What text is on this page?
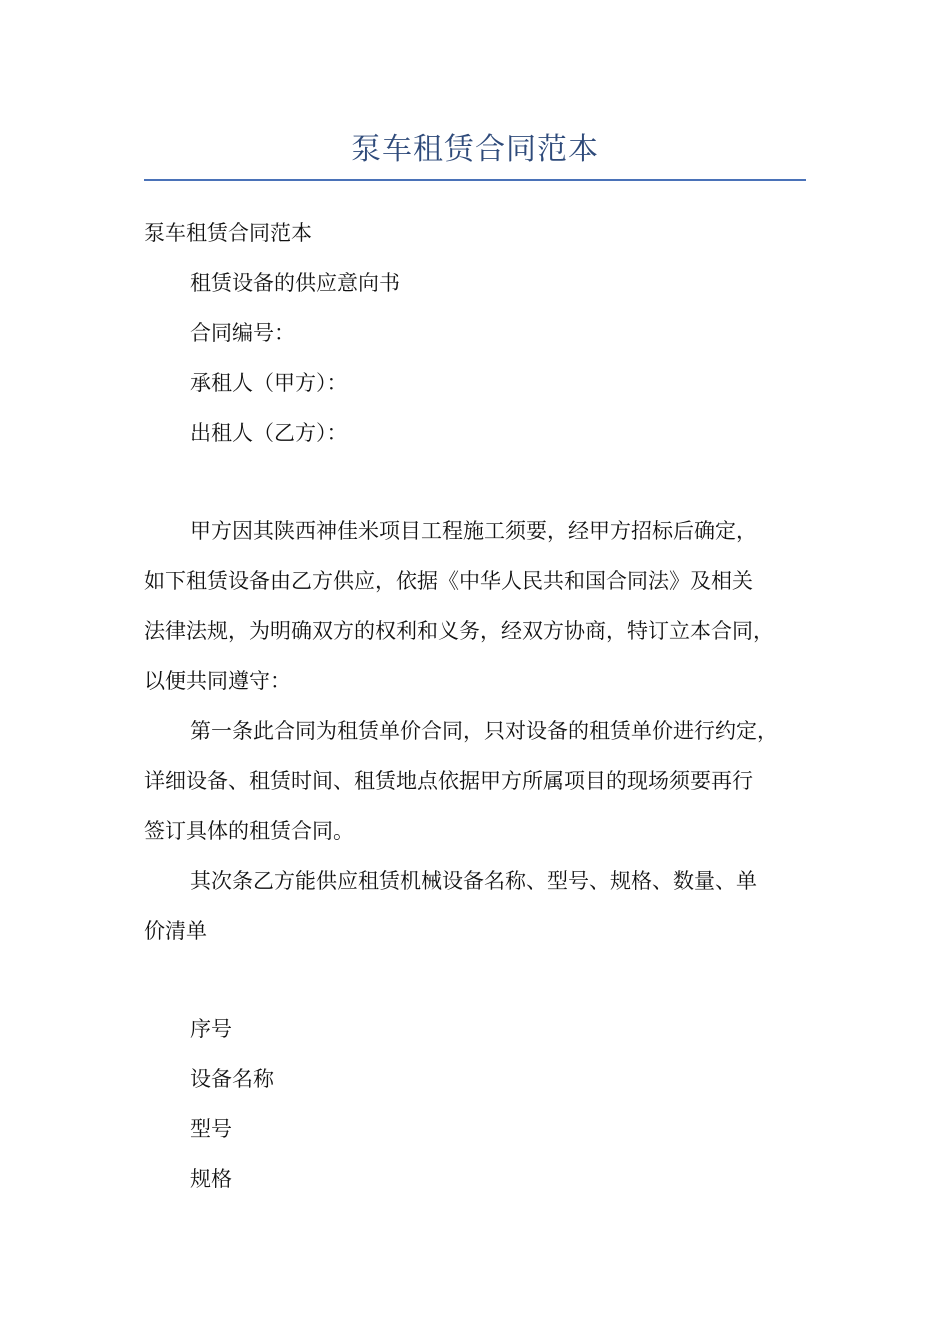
泵车租赁合同范本
泵车租赁合同范本
租赁设备的供应意向书
合同编号：
承租人（甲方）：
出租人（乙方）：
甲方因其陕西神佳米项目工程施工须要，经甲方招标后确定，
如下租赁设备由乙方供应，依据《中华人民共和国合同法》及相关
法律法规，为明确双方的权利和义务，经双方协商，特订立本合同，
以便共同遵守：
第一条此合同为租赁单价合同，只对设备的租赁单价进行约定，
详细设备、租赁时间、租赁地点依据甲方所属项目的现场须要再行
签订具体的租赁合同。
其次条乙方能供应租赁机械设备名称、型号、规格、数量、单
价清单
序号
设备名称
型号
规格
